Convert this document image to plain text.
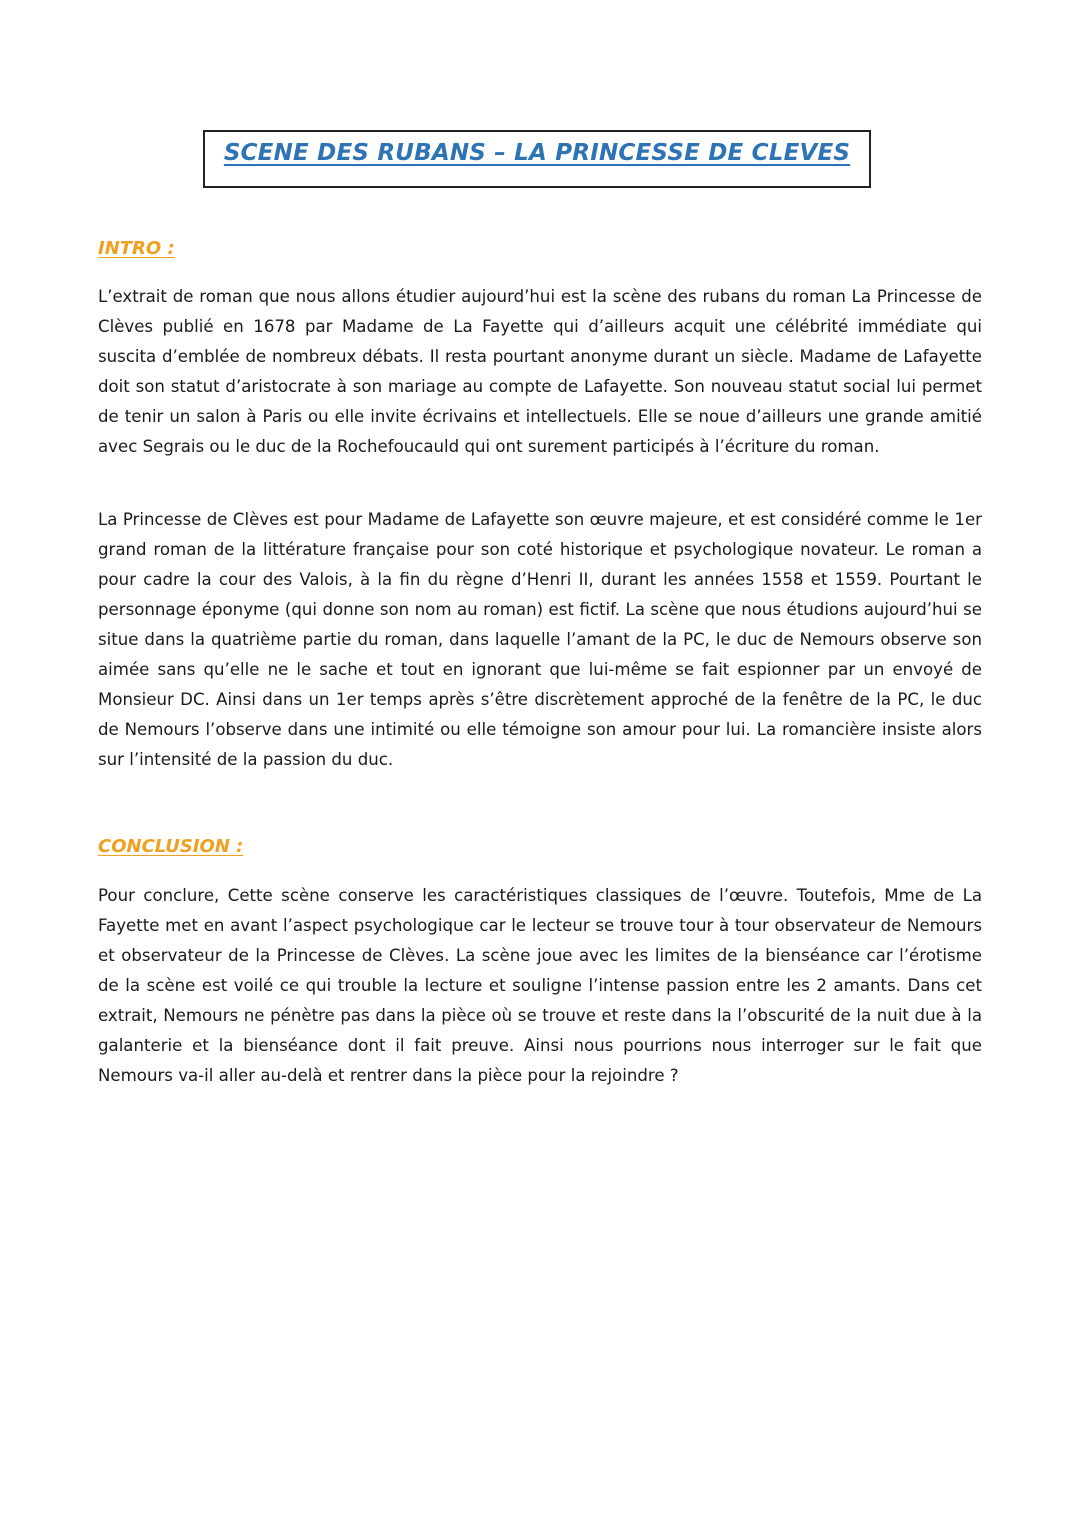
SCENE DES RUBANS – LA PRINCESSE DE CLEVES
INTRO :

L’extrait de roman que nous allons étudier aujourd’hui est la scène des rubans du roman La Princesse de Clèves publié en 1678 par Madame de La Fayette qui d’ailleurs acquit une célébrité immédiate qui suscita d’emblée de nombreux débats. Il resta pourtant anonyme durant un siècle. Madame de Lafayette doit son statut d’aristocrate à son mariage au compte de Lafayette. Son nouveau statut social lui permet de tenir un salon à Paris ou elle invite écrivains et intellectuels. Elle se noue d’ailleurs une grande amitié avec Segrais ou le duc de la Rochefoucauld qui ont surement participés à l’écriture du roman.

La Princesse de Clèves est pour Madame de Lafayette son œuvre majeure, et est considéré comme le 1er grand roman de la littérature française pour son coté historique et psychologique novateur. Le roman a pour cadre la cour des Valois, à la fin du règne d’Henri II, durant les années 1558 et 1559. Pourtant le personnage éponyme (qui donne son nom au roman) est fictif. La scène que nous étudions aujourd’hui se situe dans la quatrième partie du roman, dans laquelle l’amant de la PC, le duc de Nemours observe son aimée sans qu’elle ne le sache et tout en ignorant que lui-même se fait espionner par un envoyé de Monsieur DC. Ainsi dans un 1er temps après s’être discrètement approché de la fenêtre de la PC, le duc de Nemours l’observe dans une intimité ou elle témoigne son amour pour lui. La romancière insiste alors sur l’intensité de la passion du duc.

CONCLUSION :

Pour conclure, Cette scène conserve les caractéristiques classiques de l’œuvre. Toutefois, Mme de La Fayette met en avant l’aspect psychologique car le lecteur se trouve tour à tour observateur de Nemours et observateur de la Princesse de Clèves. La scène joue avec les limites de la bienséance car l’érotisme de la scène est voilé ce qui trouble la lecture et souligne l’intense passion entre les 2 amants. Dans cet extrait, Nemours ne pénètre pas dans la pièce où se trouve et reste dans la l’obscurité de la nuit due à la galanterie et la bienséance dont il fait preuve. Ainsi nous pourrions nous interroger sur le fait que Nemours va-il aller au-delà et rentrer dans la pièce pour la rejoindre ?
